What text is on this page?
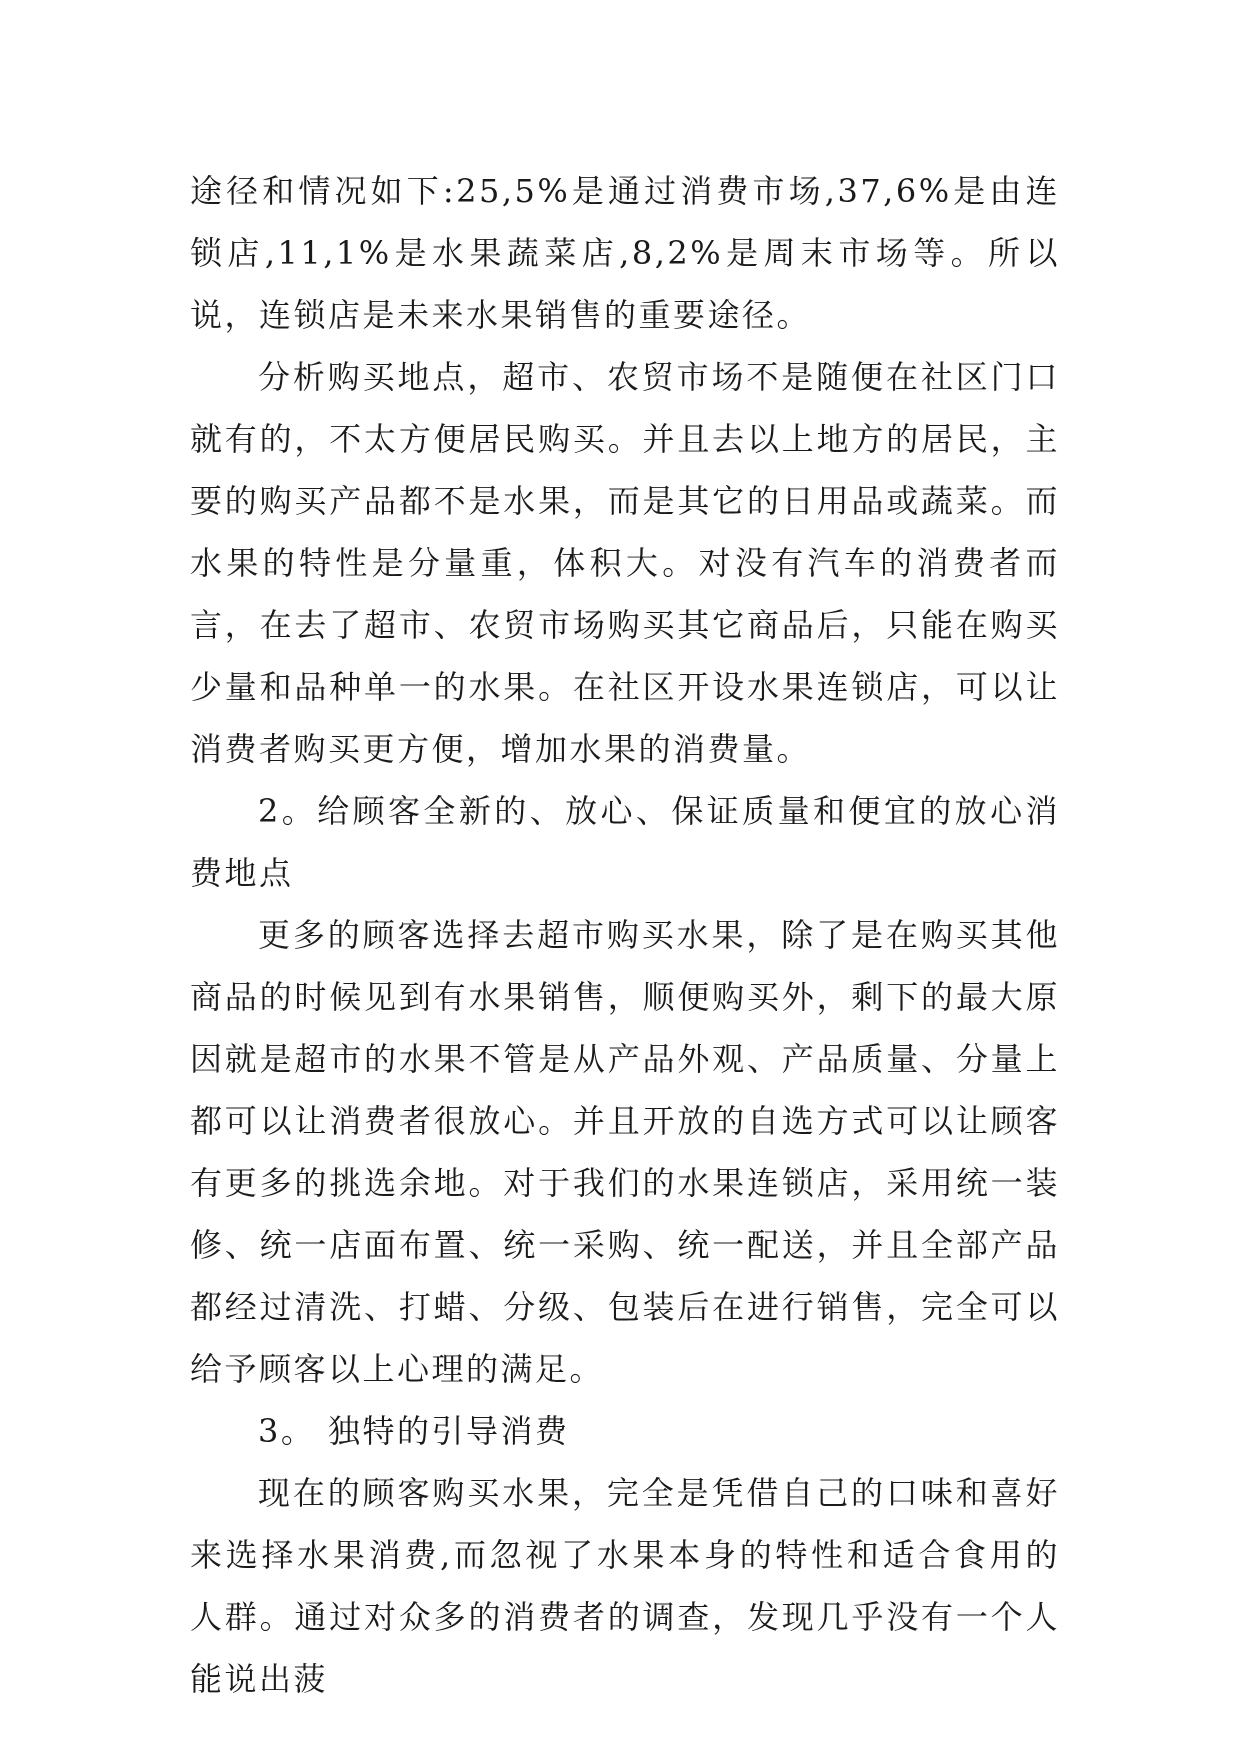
途径和情况如下:25,5%是通过消费市场,37,6%是由连锁店,11,1%是水果蔬菜店,8,2%是周末市场等。所以说，连锁店是未来水果销售的重要途径。

分析购买地点，超市、农贸市场不是随便在社区门口就有的，不太方便居民购买。并且去以上地方的居民，主要的购买产品都不是水果，而是其它的日用品或蔬菜。而水果的特性是分量重，体积大。对没有汽车的消费者而言，在去了超市、农贸市场购买其它商品后，只能在购买少量和品种单一的水果。在社区开设水果连锁店，可以让消费者购买更方便，增加水果的消费量。

2。给顾客全新的、放心、保证质量和便宜的放心消费地点

更多的顾客选择去超市购买水果，除了是在购买其他商品的时候见到有水果销售，顺便购买外，剩下的最大原因就是超市的水果不管是从产品外观、产品质量、分量上都可以让消费者很放心。并且开放的自选方式可以让顾客有更多的挑选余地。对于我们的水果连锁店，采用统一装修、统一店面布置、统一采购、统一配送，并且全部产品都经过清洗、打蜡、分级、包装后在进行销售，完全可以给予顾客以上心理的满足。

3。 独特的引导消费

现在的顾客购买水果，完全是凭借自己的口味和喜好来选择水果消费,而忽视了水果本身的特性和适合食用的人群。通过对众多的消费者的调查，发现几乎没有一个人能说出菠
